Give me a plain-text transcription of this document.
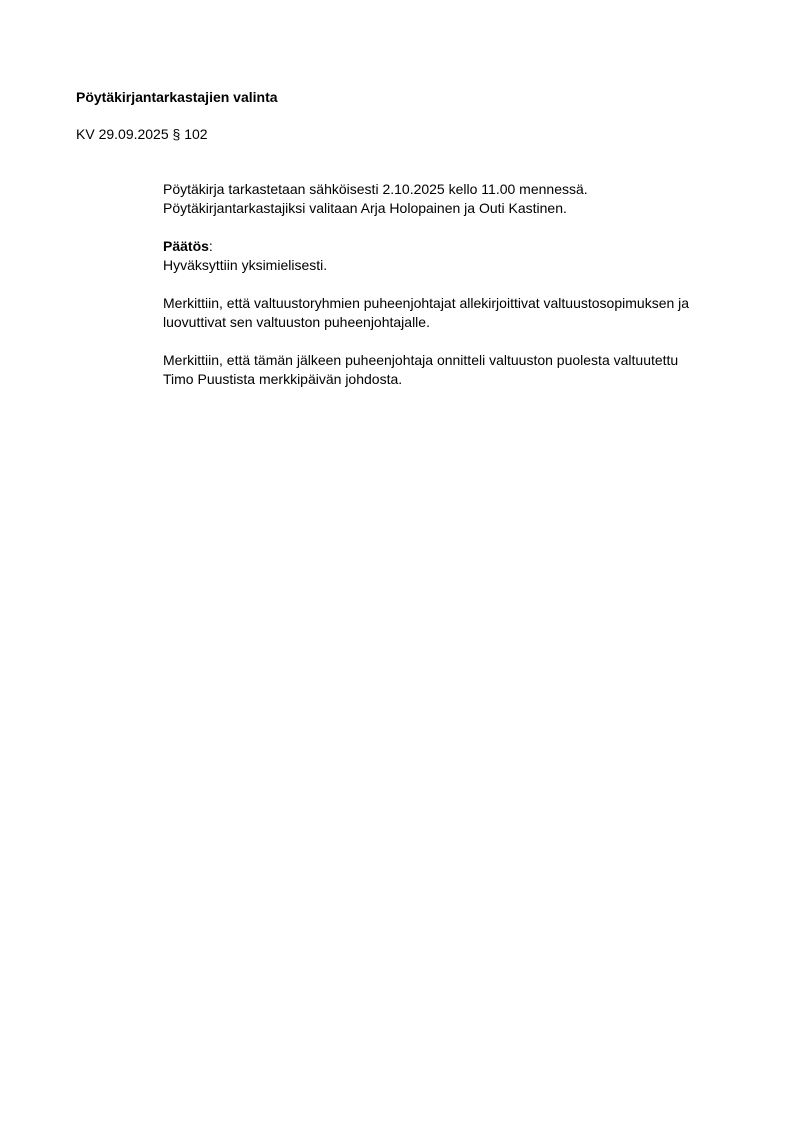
Pöytäkirjantarkastajien valinta
KV 29.09.2025 § 102

Pöytäkirja tarkastetaan sähköisesti 2.10.2025 kello 11.00 mennessä.

Pöytäkirjantarkastajiksi valitaan Arja Holopainen ja Outi Kastinen.

Päätös:

Hyväksyttiin yksimielisesti.

Merkittiin, että valtuustoryhmien puheenjohtajat allekirjoittivat valtuustosopimuksen ja

luovuttivat sen valtuuston puheenjohtajalle.

Merkittiin, että tämän jälkeen puheenjohtaja onnitteli valtuuston puolesta valtuutettu

Timo Puustista merkkipäivän johdosta.
